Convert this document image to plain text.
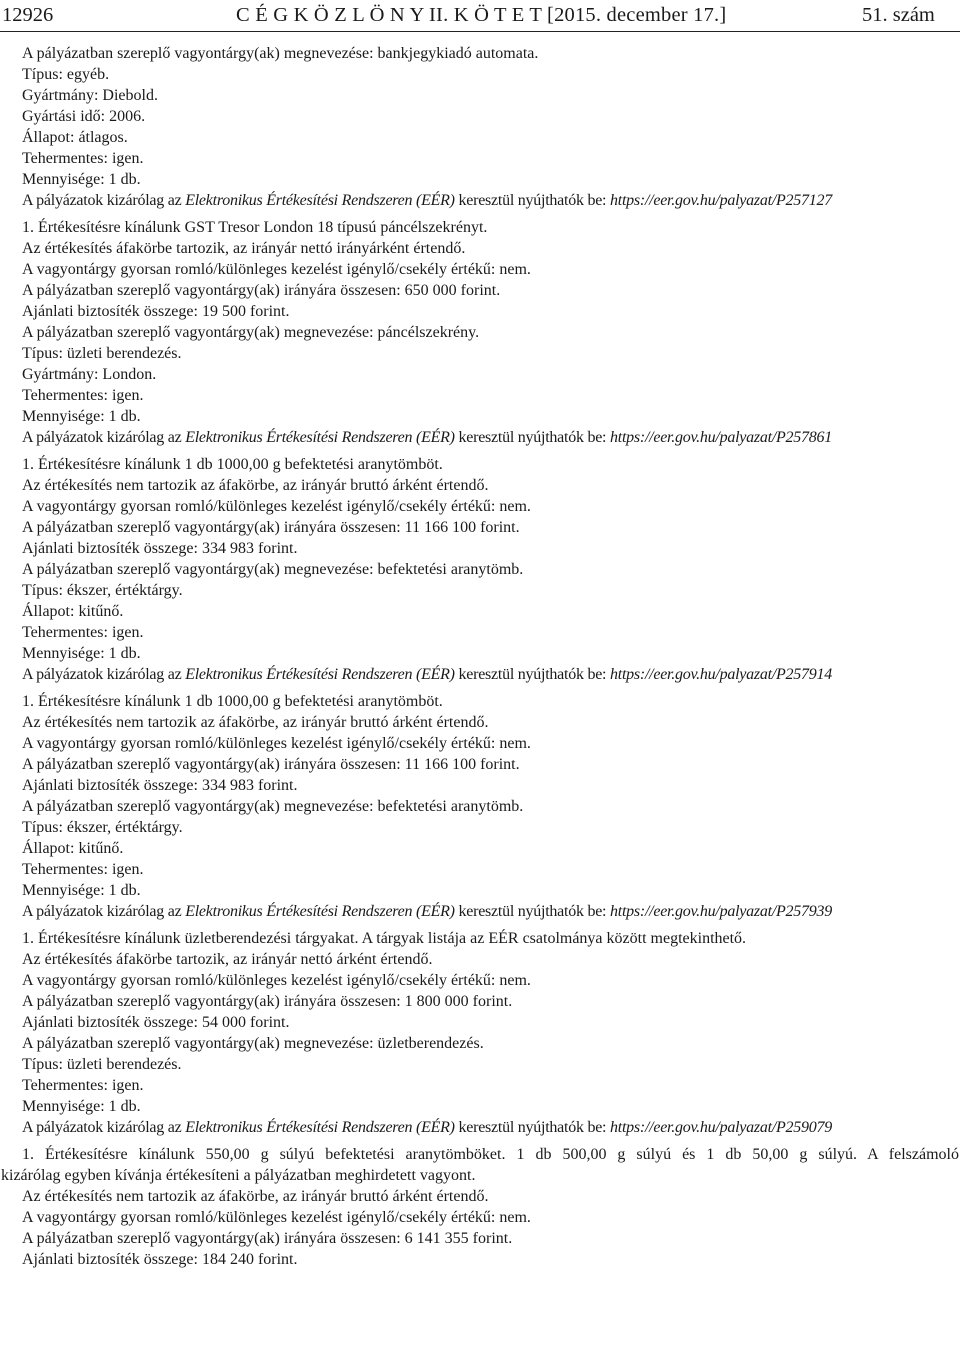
12926	C É G K Ö Z L Ö N Y II. K Ö T E T [2015. december 17.]	51. szám
A pályázatban szereplő vagyontárgy(ak) megnevezése: bankjegykiadó automata.
Típus: egyéb.
Gyártmány: Diebold.
Gyártási idő: 2006.
Állapot: átlagos.
Tehermentes: igen.
Mennyisége: 1 db.
A pályázatok kizárólag az Elektronikus Értékesítési Rendszeren (EÉR) keresztül nyújthatók be: https://eer.gov.hu/palyazat/P257127
1. Értékesítésre kínálunk GST Tresor London 18 típusú páncélszekrényt.
Az értékesítés áfakörbe tartozik, az irányár nettó irányárként értendő.
A vagyontárgy gyorsan romló/különleges kezelést igénylő/csekély értékű: nem.
A pályázatban szereplő vagyontárgy(ak) irányára összesen: 650 000 forint.
Ajánlati biztosíték összege: 19 500 forint.
A pályázatban szereplő vagyontárgy(ak) megnevezése: páncélszekrény.
Típus: üzleti berendezés.
Gyártmány: London.
Tehermentes: igen.
Mennyisége: 1 db.
A pályázatok kizárólag az Elektronikus Értékesítési Rendszeren (EÉR) keresztül nyújthatók be: https://eer.gov.hu/palyazat/P257861
1. Értékesítésre kínálunk 1 db 1000,00 g befektetési aranytömböt.
Az értékesítés nem tartozik az áfakörbe, az irányár bruttó árként értendő.
A vagyontárgy gyorsan romló/különleges kezelést igénylő/csekély értékű: nem.
A pályázatban szereplő vagyontárgy(ak) irányára összesen: 11 166 100 forint.
Ajánlati biztosíték összege: 334 983 forint.
A pályázatban szereplő vagyontárgy(ak) megnevezése: befektetési aranytömb.
Típus: ékszer, értéktárgy.
Állapot: kitűnő.
Tehermentes: igen.
Mennyisége: 1 db.
A pályázatok kizárólag az Elektronikus Értékesítési Rendszeren (EÉR) keresztül nyújthatók be: https://eer.gov.hu/palyazat/P257914
1. Értékesítésre kínálunk 1 db 1000,00 g befektetési aranytömböt.
Az értékesítés nem tartozik az áfakörbe, az irányár bruttó árként értendő.
A vagyontárgy gyorsan romló/különleges kezelést igénylő/csekély értékű: nem.
A pályázatban szereplő vagyontárgy(ak) irányára összesen: 11 166 100 forint.
Ajánlati biztosíték összege: 334 983 forint.
A pályázatban szereplő vagyontárgy(ak) megnevezése: befektetési aranytömb.
Típus: ékszer, értéktárgy.
Állapot: kitűnő.
Tehermentes: igen.
Mennyisége: 1 db.
A pályázatok kizárólag az Elektronikus Értékesítési Rendszeren (EÉR) keresztül nyújthatók be: https://eer.gov.hu/palyazat/P257939
1. Értékesítésre kínálunk üzletberendezési tárgyakat. A tárgyak listája az EÉR csatolmánya között megtekinthető.
Az értékesítés áfakörbe tartozik, az irányár nettó árként értendő.
A vagyontárgy gyorsan romló/különleges kezelést igénylő/csekély értékű: nem.
A pályázatban szereplő vagyontárgy(ak) irányára összesen: 1 800 000 forint.
Ajánlati biztosíték összege: 54 000 forint.
A pályázatban szereplő vagyontárgy(ak) megnevezése: üzletberendezés.
Típus: üzleti berendezés.
Tehermentes: igen.
Mennyisége: 1 db.
A pályázatok kizárólag az Elektronikus Értékesítési Rendszeren (EÉR) keresztül nyújthatók be: https://eer.gov.hu/palyazat/P259079
1. Értékesítésre kínálunk 550,00 g súlyú befektetési aranytömböket. 1 db 500,00 g súlyú és 1 db 50,00 g súlyú. A felszámoló
kizárólag egyben kívánja értékesíteni a pályázatban meghirdetett vagyont.
Az értékesítés nem tartozik az áfakörbe, az irányár bruttó árként értendő.
A vagyontárgy gyorsan romló/különleges kezelést igénylő/csekély értékű: nem.
A pályázatban szereplő vagyontárgy(ak) irányára összesen: 6 141 355 forint.
Ajánlati biztosíték összege: 184 240 forint.
